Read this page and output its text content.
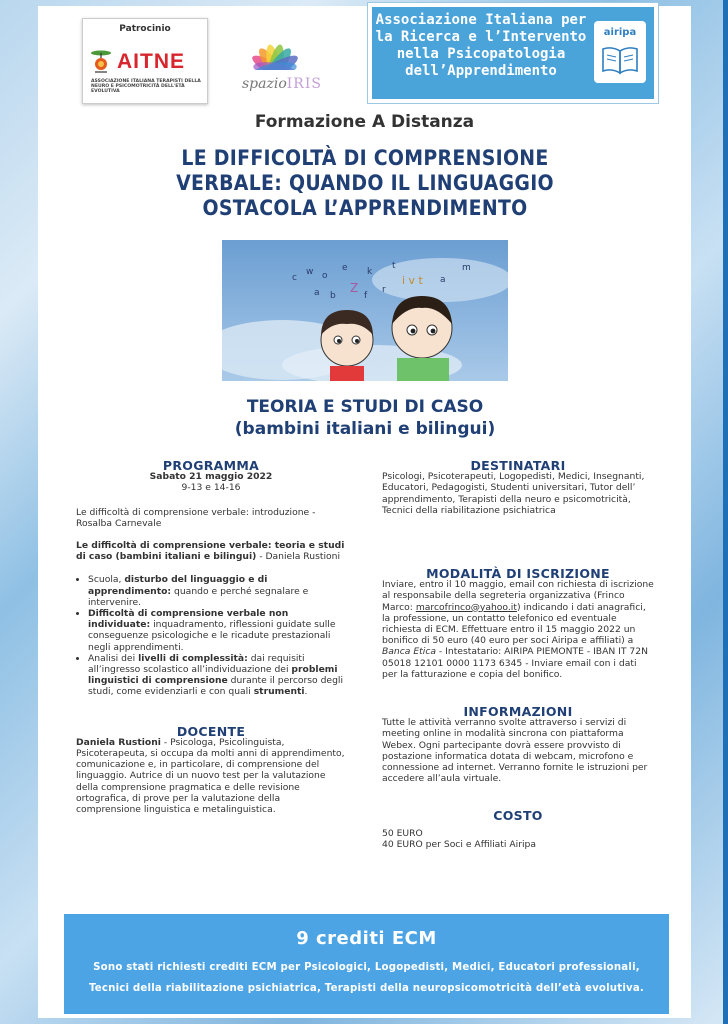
Patrocinio
AITNE
ASSOCIAZIONE ITALIANA TERAPISTI DELLA NEURO E PSICOMOTRICITÀ DELL'ETÀ EVOLUTIVA	spazioIRIS
Associazione Italiana per
la Ricerca e l’Intervento
nella Psicopatologia
dell’Apprendimento
airipa
Formazione A Distanza
LE DIFFICOLTÀ DI COMPRENSIONE
VERBALE: QUANDO IL LINGUAGGIO
OSTACOLA L’APPRENDIMENTO
c
w o
e k
t
a b
Z
f
r
i v t a
m
TEORIA E STUDI DI CASO
(bambini italiani e bilingui)
PROGRAMMA
Sabato 21 maggio 2022
9-13 e 14-16

Le difficoltà di comprensione verbale: introduzione - Rosalba Carnevale

Le difficoltà di comprensione verbale: teoria e studi di caso (bambini italiani e bilingui) - Daniela Rustioni

• Scuola, disturbo del linguaggio e di apprendimento: quando e perché segnalare e intervenire.
• Difficoltà di comprensione verbale non individuate: inquadramento, riflessioni guidate sulle conseguenze psicologiche e le ricadute prestazionali negli apprendimenti.
• Analisi dei livelli di complessità: dai requisiti all’ingresso scolastico all’individuazione dei problemi linguistici di comprensione durante il percorso degli studi, come evidenziarli e con quali strumenti.
DOCENTE

Daniela Rustioni - Psicologa, Psicolinguista, Psicoterapeuta, si occupa da molti anni di apprendimento, comunicazione e, in particolare, di comprensione del linguaggio. Autrice di un nuovo test per la valutazione della comprensione pragmatica e delle revisione ortografica, di prove per la valutazione della comprensione linguistica e metalinguistica.

DESTINATARI

Psicologi, Psicoterapeuti, Logopedisti, Medici, Insegnanti, Educatori, Pedagogisti, Studenti universitari, Tutor dell’ apprendimento, Terapisti della neuro e psicomotricità, Tecnici della riabilitazione psichiatrica

MODALITÀ DI ISCRIZIONE

Inviare, entro il 10 maggio, email con richiesta di iscrizione al responsabile della segreteria organizzativa (Frinco Marco: marcofrinco@yahoo.it) indicando i dati anagrafici, la professione, un contatto telefonico ed eventuale richiesta di ECM. Effettuare entro il 15 maggio 2022 un bonifico di 50 euro (40 euro per soci Airipa e affiliati) a Banca Etica - Intestatario: AIRIPA PIEMONTE - IBAN IT 72N 05018 12101 0000 1173 6345 - Inviare email con i dati per la fatturazione e copia del bonifico.

INFORMAZIONI

Tutte le attività verranno svolte attraverso i servizi di meeting online in modalità sincrona con piattaforma Webex. Ogni partecipante dovrà essere provvisto di postazione informatica dotata di webcam, microfono e connessione ad internet. Verranno fornite le istruzioni per accedere all’aula virtuale.

COSTO

50 EURO

40 EURO per Soci e Affiliati Airipa

9 crediti ECM
Sono stati richiesti crediti ECM per Psicologici, Logopedisti, Medici, Educatori professionali,
Tecnici della riabilitazione psichiatrica, Terapisti della neuropsicomotricità dell’età evolutiva.
